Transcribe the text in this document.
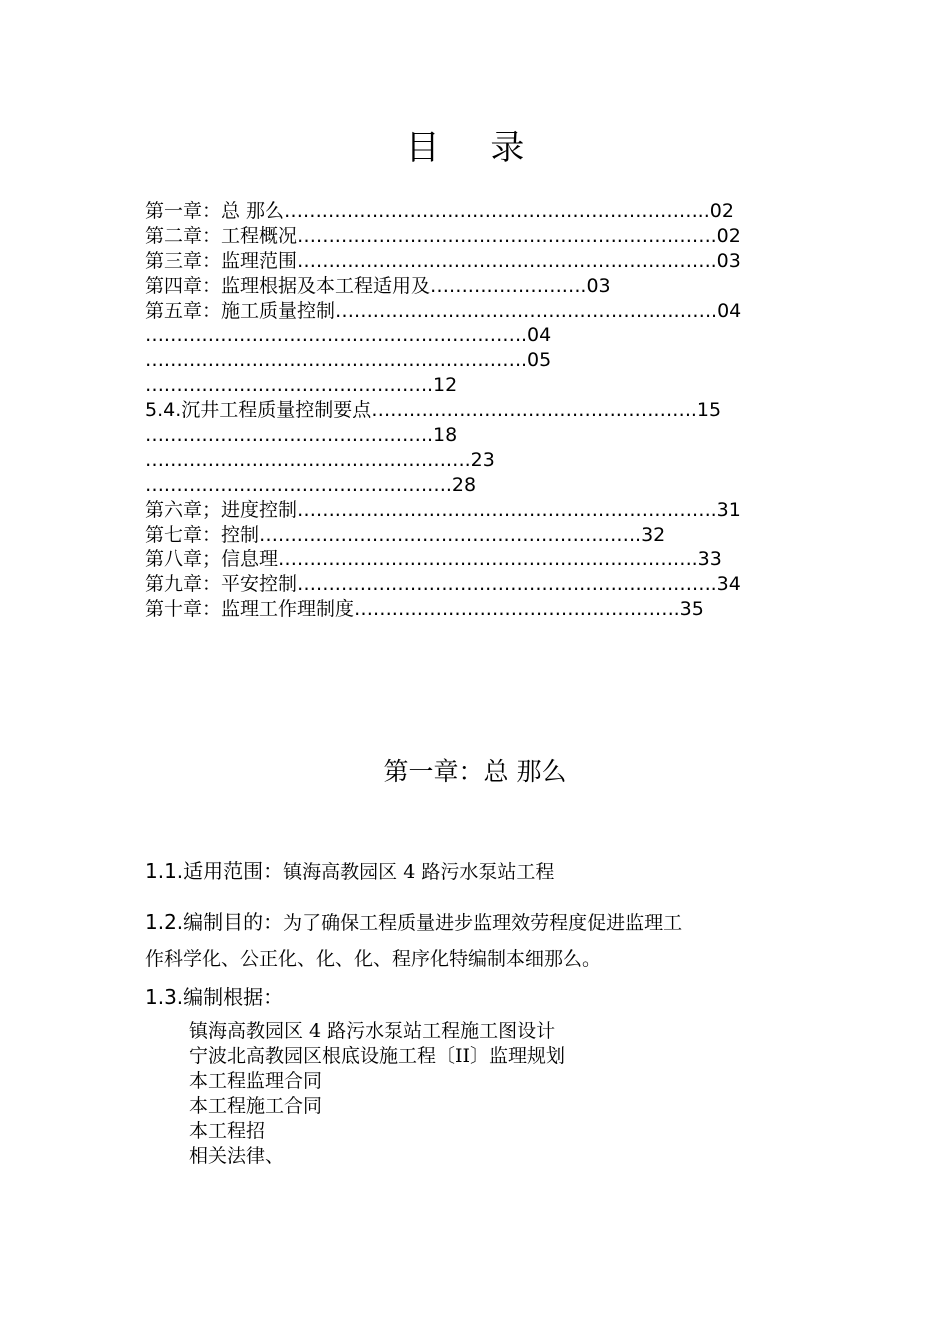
目 录
第一章：总 那么…………………………………………………………..02
第二章：工程概况………………………………………………………….02
第三章：监理范围………………………………………………………….03
第四章：监理根据及本工程适用及…………………….03
第五章：施工质量控制…………………………………………………….04
…………………………………………………….04
…………………………………………………….05
……………………………………….12
5.4.沉井工程质量控制要点…………………………………………….15
……………………………………….18
…………………………………………….23
………………………………………….28
第六章；进度控制………………………………………………………….31
第七章：控制…………………………………………………….32
第八章；信息理………………………………………………………….33
第九章：平安控制………………………………………………………….34
第十章：监理工作理制度…………………………………………….35
第一章：总 那么
1.1.适用范围：镇海高教园区 4 路污水泵站工程
1.2.编制目的：为了确保工程质量进步监理效劳程度促进监理工
作科学化、公正化、化、化、程序化特编制本细那么。
1.3.编制根据：
镇海高教园区 4 路污水泵站工程施工图设计
宁波北高教园区根底设施工程〔II〕监理规划
本工程监理合同
本工程施工合同
本工程招
相关法律、
